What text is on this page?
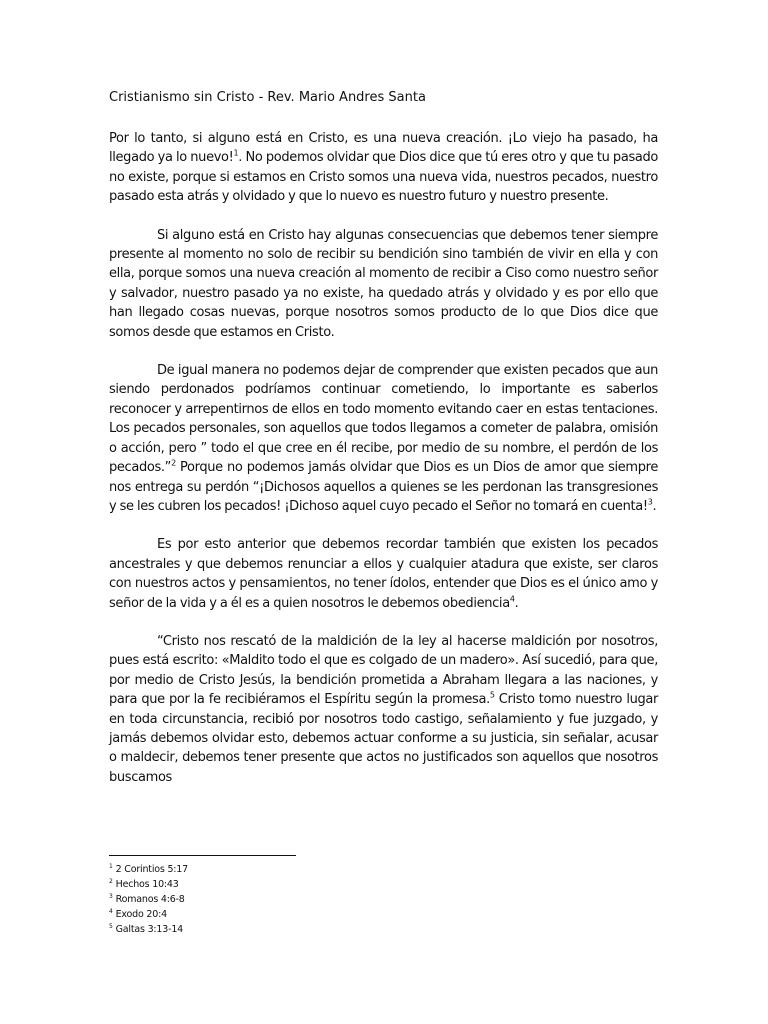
Cristianismo sin Cristo - Rev. Mario Andres Santa

Por lo tanto, si alguno está en Cristo, es una nueva creación. ¡Lo viejo ha pasado, ha llegado ya lo nuevo!$^1$. No podemos olvidar que Dios dice que tú eres otro y que tu pasado no existe, porque si estamos en Cristo somos una nueva vida, nuestros pecados, nuestro pasado esta atrás y olvidado y que lo nuevo es nuestro futuro y nuestro presente.

Si alguno está en Cristo hay algunas consecuencias que debemos tener siempre presente al momento no solo de recibir su bendición sino también de vivir en ella y con ella, porque somos una nueva creación al momento de recibir a Ciso como nuestro señor y salvador, nuestro pasado ya no existe, ha quedado atrás y olvidado y es por ello que han llegado cosas nuevas, porque nosotros somos producto de lo que Dios dice que somos desde que estamos en Cristo.

De igual manera no podemos dejar de comprender que existen pecados que aun siendo perdonados podríamos continuar cometiendo, lo importante es saberlos reconocer y arrepentirnos de ellos en todo momento evitando caer en estas tentaciones. Los pecados personales, son aquellos que todos llegamos a cometer de palabra, omisión o acción, pero ” todo el que cree en él recibe, por medio de su nombre, el perdón de los pecados.”$^2$ Porque no podemos jamás olvidar que Dios es un Dios de amor que siempre nos entrega su perdón “¡Dichosos aquellos a quienes se les perdonan las transgresiones y se les cubren los pecados! ¡Dichoso aquel cuyo pecado el Señor no tomará en cuenta!$^3$.

Es por esto anterior que debemos recordar también que existen los pecados ancestrales y que debemos renunciar a ellos y cualquier atadura que existe, ser claros con nuestros actos y pensamientos, no tener ídolos, entender que Dios es el único amo y señor de la vida y a él es a quien nosotros le debemos obediencia$^4$.

“Cristo nos rescató de la maldición de la ley al hacerse maldición por nosotros, pues está escrito: «Maldito todo el que es colgado de un madero». Así sucedió, para que, por medio de Cristo Jesús, la bendición prometida a Abraham llegara a las naciones, y para que por la fe recibiéramos el Espíritu según la promesa.$^5$ Cristo tomo nuestro lugar en toda circunstancia, recibió por nosotros todo castigo, señalamiento y fue juzgado, y jamás debemos olvidar esto, debemos actuar conforme a su justicia, sin señalar, acusar o maldecir, debemos tener presente que actos no justificados son aquellos que nosotros buscamos

$^1$ 2 Corintios 5:17
$^2$ Hechos 10:43
$^3$ Romanos 4:6-8
$^4$ Exodo 20:4
$^5$ Galtas 3:13-14
